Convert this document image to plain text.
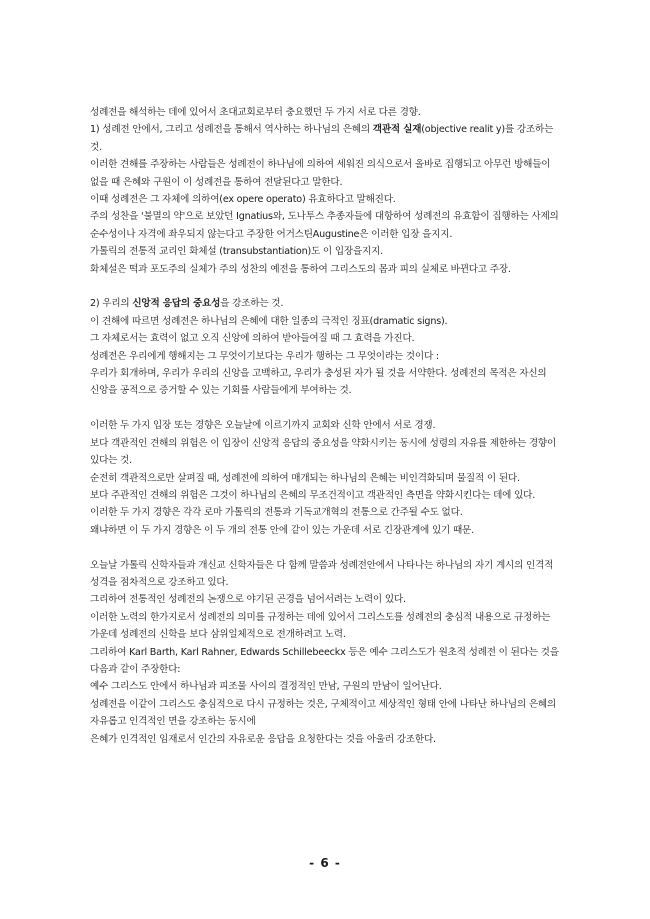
성례전을 해석하는 데에 있어서 초대교회로부터 충요했던 두 가지 서로 다른 경향.

1) 성례전 안에서, 그리고 성례전을 통해서 역사하는 하나님의 은혜의 객관적 실재(objective realit y)를 강조하는 것.

이러한 견해를 주장하는 사람들은 성례전이 하나님에 의하여 세워진 의식으로서 올바로 집행되고 아무런 방해들이 없을 때 은혜와 구원이 이 성례전을 통하여 전달된다고 말한다.

이때 성례전은 그 자체에 의하여(ex opere operato) 유효하다고 말해진다.

주의 성찬을 '불멸의 약'으로 보았던 Ignatius와, 도나투스 추종자들에 대항하여 성례전의 유효함이 집행하는 사제의 순수성이나 자격에 좌우되지 않는다고 주장한 어거스틴Augustine은 이러한 입장 을지지.

가톨릭의 전통적 교리인 화체설 (transubstantiation)도 이 입장을지지.

화체설은 떡과 포도주의 실체가 주의 성찬의 예전을 통하여 그리스도의 몸과 피의 실체로 바뀐다고 주장.

2) 우리의 신앙적 응답의 중요성을 강조하는 것.

이 견해에 따르면 성례전은 하나님의 은혜에 대한 일종의 극적인 징표(dramatic signs).

그 자체로서는 효력이 없고 오직 신앙에 의하여 받아들여질 때 그 효력을 가진다.

성례전은 우리에게 행해지는 그 무엇이기보다는 우리가 행하는 그 무엇이라는 것이다 :

우리가 회개하며, 우리가 우리의 신앙을 고백하고, 우리가 충성된 자가 될 것을 서약한다. 성례전의 목적은 자신의 신앙을 공적으로 증거할 수 있는 기회를 사람들에게 부여하는 것.

이러한 두 가지 입장 또는 경향은 오늘날에 이르기까지 교회와 신학 안에서 서로 경쟁.

보다 객관적인 견해의 위험은 이 입장이 신앙적 응답의 중요성을 약화시키는 동시에 성령의 자유를 제한하는 경향이 있다는 것.

순전히 객관적으로만 살펴질 때, 성례전에 의하여 매개되는 하나님의 은혜는 비인격화되며 물질적 이 된다.

보다 주관적인 견해의 위험은 그것이 하나님의 은혜의 무조건적이고 객관적인 측면을 약화시킨다는 데에 있다.

이러한 두 가지 경향은 각각 로마 가톨릭의 전통과 기독교개혁의 전통으로 간주될 수도 없다.

왜냐하면 이 두 가지 경향은 이 두 개의 전통 안에 같이 있는 가운데 서로 긴장관계에 있기 때문.

오늘날 가톨릭 신학자들과 개신교 신학자들은 다 함께 말씀과 성례전안에서 나타나는 하나님의 자기 계시의 인격적 성격을 점차적으로 강조하고 있다.

그리하여 전통적인 성례전의 논쟁으로 야기된 곤경을 넘어서려는 노력이 있다.

이러한 노력의 한가지로서 성례전의 의미를 규정하는 데에 있어서 그리스도를 성례전의 충심적 내용으로 규정하는 가운데 성례전의 신학을 보다 삼위일체적으로 전개하려고 노력.

그리하여 Karl Barth, Karl Rahner, Edwards Schillebeeckx 등은 예수 그리스도가 원초적 성례전 이 된다는 것을 다음과 같이 주장한다:

예수 그리스도 안에서 하나님과 피조물 사이의 결정적인 만남, 구원의 만남이 일어난다.

성례전을 이같이 그리스도 충심적으로 다시 규정하는 것은, 구체적이고 세상적인 형태 안에 나타난 하나님의 은혜의 자유롭고 인격적인 면을 강조하는 동시에

은혜가 인격적인 임재로서 인간의 자유로운 응답을 요청한다는 것을 아울러 강조한다.

- 6 -
